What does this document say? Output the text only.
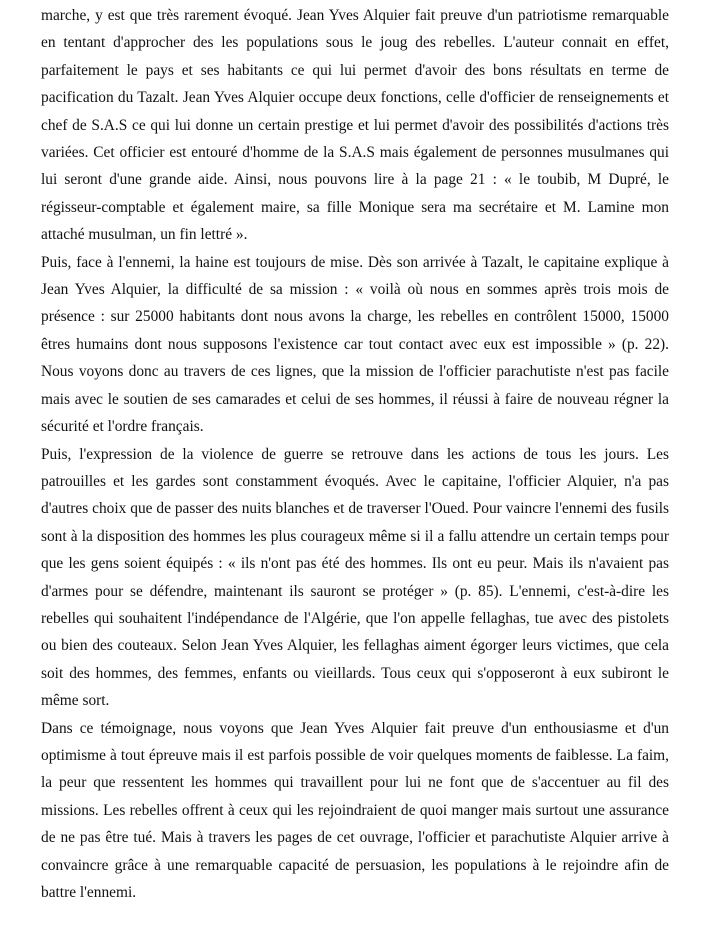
marche, y est que très rarement évoqué. Jean Yves Alquier fait preuve d'un patriotisme remarquable en tentant d'approcher des les populations sous le joug des rebelles. L'auteur connait en effet, parfaitement le pays et ses habitants ce qui lui permet d'avoir des bons résultats en terme de pacification du Tazalt. Jean Yves Alquier occupe deux fonctions, celle d'officier de renseignements et chef de S.A.S ce qui lui donne un certain prestige et lui permet d'avoir des possibilités d'actions très variées. Cet officier est entouré d'homme de la S.A.S mais également de personnes musulmanes qui lui seront d'une grande aide. Ainsi, nous pouvons lire à la page 21 : « le toubib, M Dupré, le régisseur-comptable et également maire, sa fille Monique sera ma secrétaire et M. Lamine mon attaché musulman, un fin lettré ».

Puis, face à l'ennemi, la haine est toujours de mise. Dès son arrivée à Tazalt, le capitaine explique à Jean Yves Alquier, la difficulté de sa mission : « voilà où nous en sommes après trois mois de présence : sur 25000 habitants dont nous avons la charge, les rebelles en contrôlent 15000, 15000 êtres humains dont nous supposons l'existence car tout contact avec eux est impossible » (p. 22). Nous voyons donc au travers de ces lignes, que la mission de l'officier parachutiste n'est pas facile mais avec le soutien de ses camarades et celui de ses hommes, il réussi à faire de nouveau régner la sécurité et l'ordre français.

Puis, l'expression de la violence de guerre se retrouve dans les actions de tous les jours. Les patrouilles et les gardes sont constamment évoqués. Avec le capitaine, l'officier Alquier, n'a pas d'autres choix que de passer des nuits blanches et de traverser l'Oued. Pour vaincre l'ennemi des fusils sont à la disposition des hommes les plus courageux même si il a fallu attendre un certain temps pour que les gens soient équipés : « ils n'ont pas été des hommes. Ils ont eu peur. Mais ils n'avaient pas d'armes pour se défendre, maintenant ils sauront se protéger » (p. 85). L'ennemi, c'est-à-dire les rebelles qui souhaitent l'indépendance de l'Algérie, que l'on appelle fellaghas, tue avec des pistolets ou bien des couteaux. Selon Jean Yves Alquier, les fellaghas aiment égorger leurs victimes, que cela soit des hommes, des femmes, enfants ou vieillards. Tous ceux qui s'opposeront à eux subiront le même sort.

Dans ce témoignage, nous voyons que Jean Yves Alquier fait preuve d'un enthousiasme et d'un optimisme à tout épreuve mais il est parfois possible de voir quelques moments de faiblesse. La faim, la peur que ressentent les hommes qui travaillent pour lui ne font que de s'accentuer au fil des missions. Les rebelles offrent à ceux qui les rejoindraient de quoi manger mais surtout une assurance de ne pas être tué. Mais à travers les pages de cet ouvrage, l'officier et parachutiste Alquier arrive à convaincre grâce à une remarquable capacité de persuasion, les populations à le rejoindre afin de battre l'ennemi.
